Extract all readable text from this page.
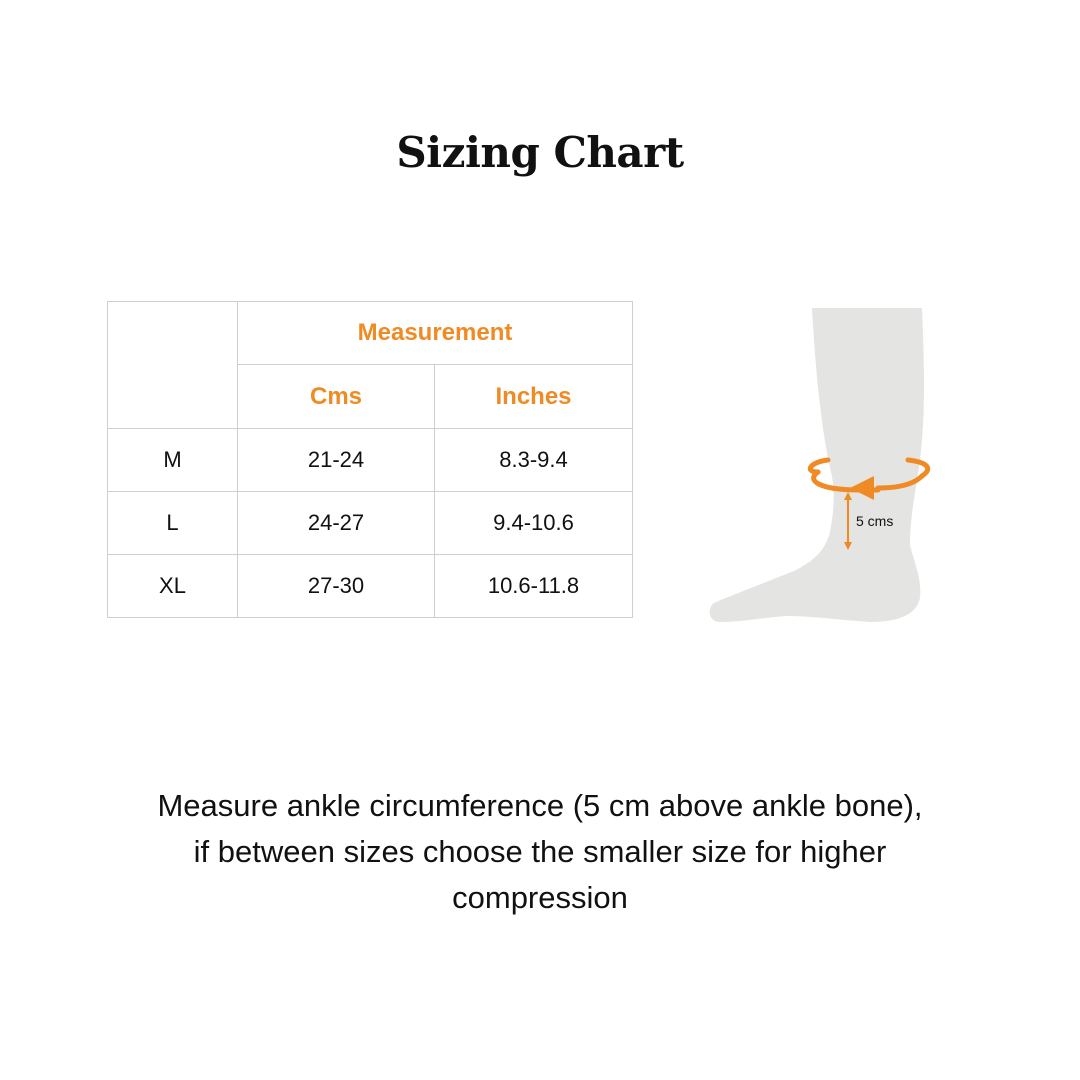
Sizing Chart
	Measurement	
	Cms	Inches
M	21-24	8.3-9.4
L	24-27	9.4-10.6
XL	27-30	10.6-11.8
5 cms
Measure ankle circumference (5 cm above ankle bone),
if between sizes choose the smaller size for higher
compression
